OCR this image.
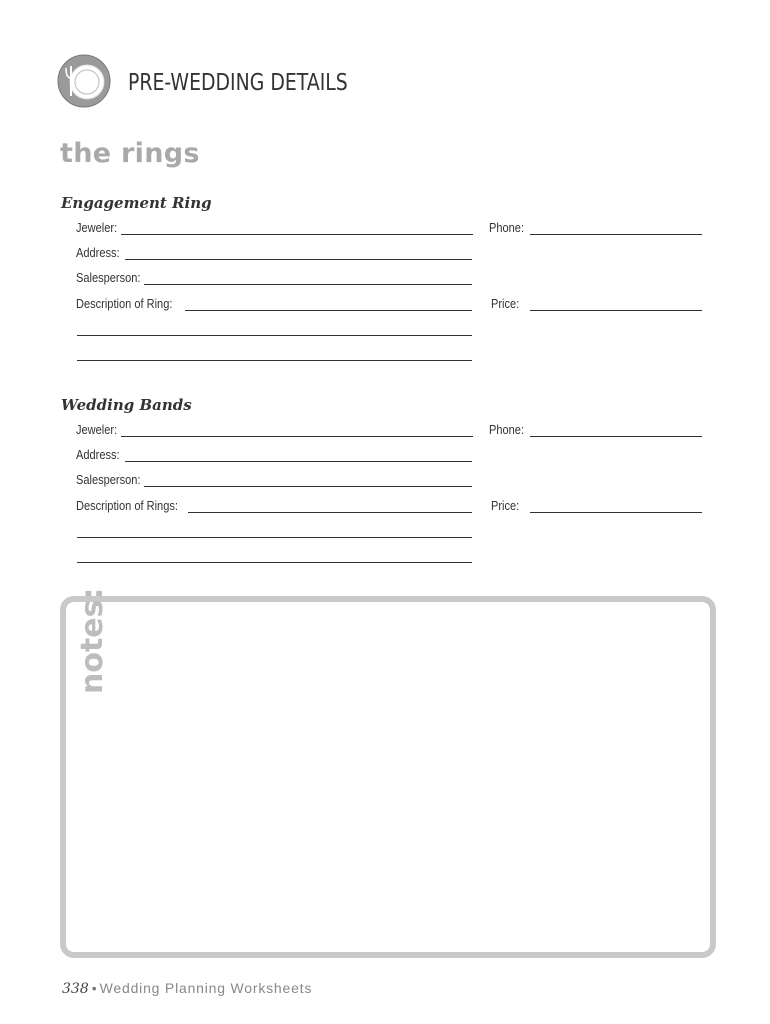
PRE-WEDDING DETAILS
the rings
Engagement Ring
Jeweler:	Phone:
Address:
Salesperson:
Description of Ring:	Price:
Wedding Bands
Jeweler:	Phone:
Address:
Salesperson:
Description of Rings:	Price:
notes:
338 • Wedding Planning Worksheets
